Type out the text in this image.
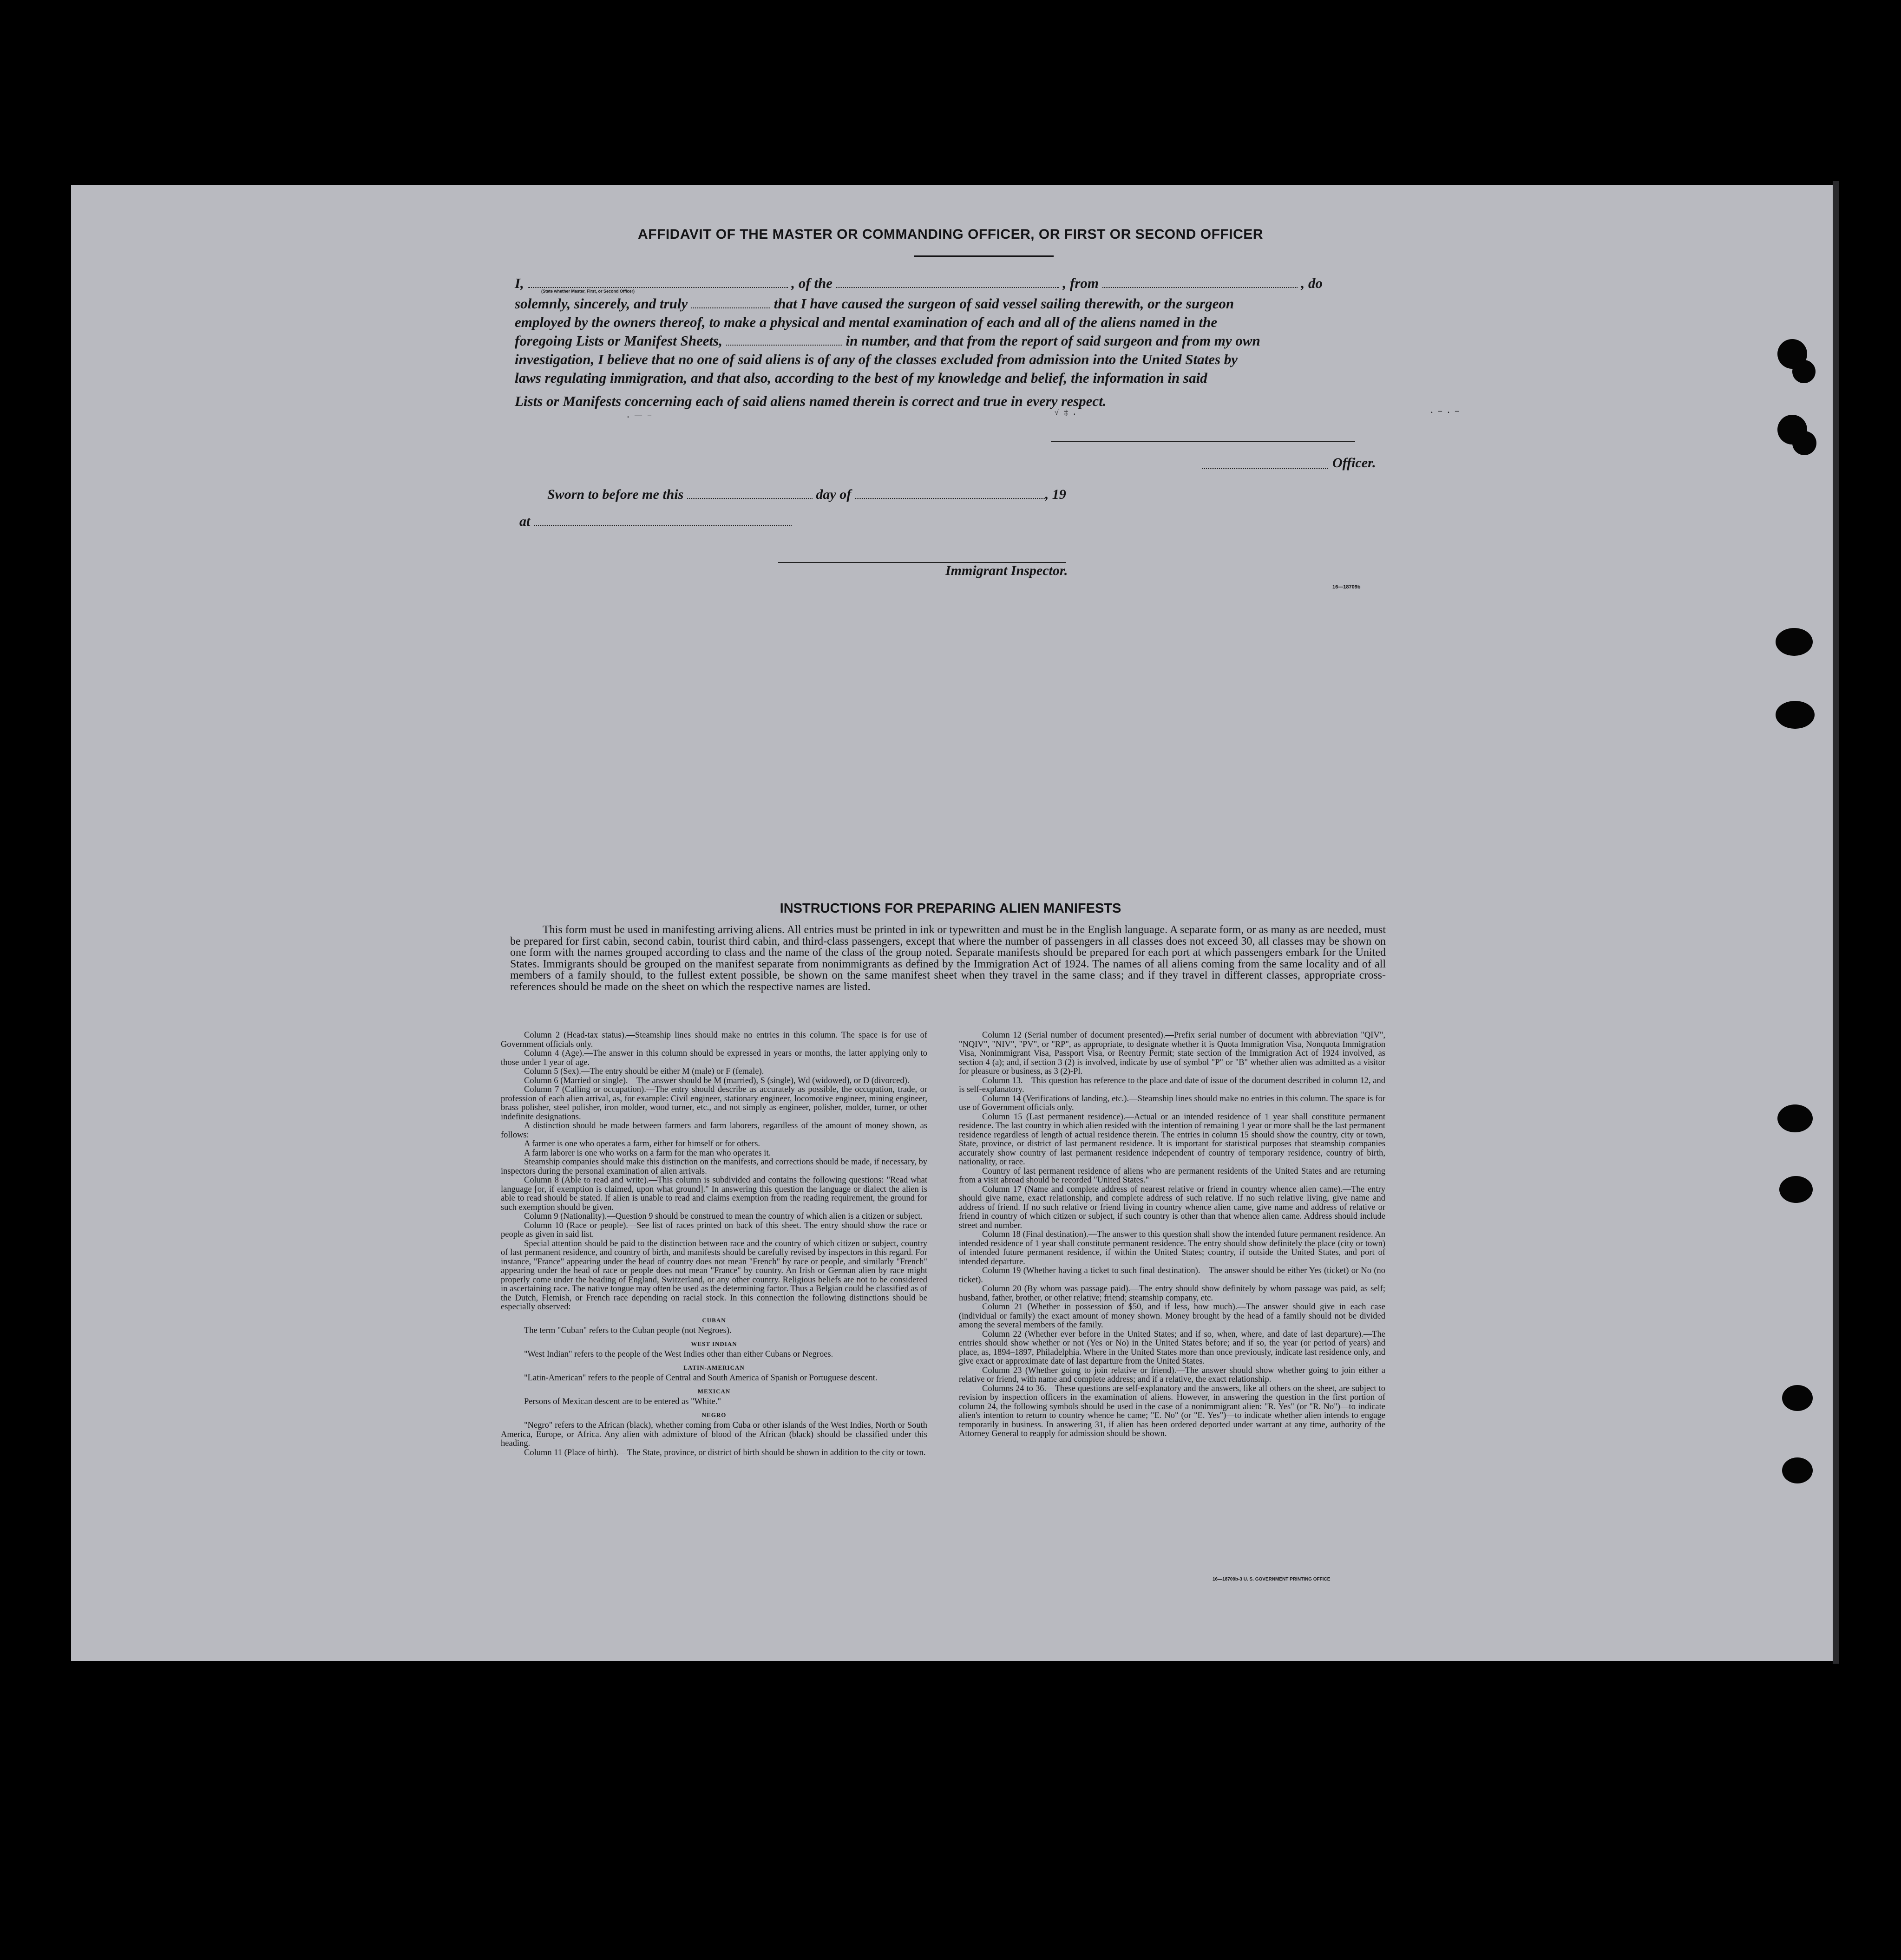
AFFIDAVIT OF THE MASTER OR COMMANDING OFFICER, OR FIRST OR SECOND OFFICER
I,	, of the	, from	, do
(State whether Master, First, or Second Officer)
solemnly, sincerely, and truly	that I have caused the surgeon of said vessel sailing therewith, or the surgeon
employed by the owners thereof, to make a physical and mental examination of each and all of the aliens named in the
foregoing Lists or Manifest Sheets,	in number, and that from the report of said surgeon and from my own
investigation, I believe that no one of said aliens is of any of the classes excluded from admission into the United States by
laws regulating immigration, and that also, according to the best of my knowledge and belief, the information in said
Lists or Manifests concerning each of said aliens named therein is correct and true in every respect.
. — ‒	√ ‡ .	. ‒ . ‒
Officer.
Sworn to before me this	day of	, 19
at
Immigrant Inspector.
16—18709b
INSTRUCTIONS FOR PREPARING ALIEN MANIFESTS
This form must be used in manifesting arriving aliens. All entries must be printed in ink or typewritten and must be in the English language. A separate form, or as many as are needed, must be prepared for first cabin, second cabin, tourist third cabin, and third-class passengers, except that where the number of passengers in all classes does not exceed 30, all classes may be shown on one form with the names grouped according to class and the name of the class of the group noted. Separate manifests should be prepared for each port at which passengers embark for the United States. Immigrants should be grouped on the manifest separate from nonimmigrants as defined by the Immigration Act of 1924. The names of all aliens coming from the same locality and of all members of a family should, to the fullest extent possible, be shown on the same manifest sheet when they travel in the same class; and if they travel in different classes, appropriate cross-references should be made on the sheet on which the respective names are listed.

Column 2 (Head-tax status).—Steamship lines should make no entries in this column. The space is for use of Government officials only.

Column 4 (Age).—The answer in this column should be expressed in years or months, the latter applying only to those under 1 year of age.

Column 5 (Sex).—The entry should be either M (male) or F (female).

Column 6 (Married or single).—The answer should be M (married), S (single), Wd (widowed), or D (divorced).

Column 7 (Calling or occupation).—The entry should describe as accurately as possible, the occupation, trade, or profession of each alien arrival, as, for example: Civil engineer, stationary engineer, locomotive engineer, mining engineer, brass polisher, steel polisher, iron molder, wood turner, etc., and not simply as engineer, polisher, molder, turner, or other indefinite designations.

A distinction should be made between farmers and farm laborers, regardless of the amount of money shown, as follows:

A farmer is one who operates a farm, either for himself or for others.

A farm laborer is one who works on a farm for the man who operates it.

Steamship companies should make this distinction on the manifests, and corrections should be made, if necessary, by inspectors during the personal examination of alien arrivals.

Column 8 (Able to read and write).—This column is subdivided and contains the following questions: "Read what language [or, if exemption is claimed, upon what ground]." In answering this question the language or dialect the alien is able to read should be stated. If alien is unable to read and claims exemption from the reading requirement, the ground for such exemption should be given.

Column 9 (Nationality).—Question 9 should be construed to mean the country of which alien is a citizen or subject.

Column 10 (Race or people).—See list of races printed on back of this sheet. The entry should show the race or people as given in said list.

Special attention should be paid to the distinction between race and the country of which citizen or subject, country of last permanent residence, and country of birth, and manifests should be carefully revised by inspectors in this regard. For instance, "France" appearing under the head of country does not mean "French" by race or people, and similarly "French" appearing under the head of race or people does not mean "France" by country. An Irish or German alien by race might properly come under the heading of England, Switzerland, or any other country. Religious beliefs are not to be considered in ascertaining race. The native tongue may often be used as the determining factor. Thus a Belgian could be classified as of the Dutch, Flemish, or French race depending on racial stock. In this connection the following distinctions should be especially observed:

CUBAN

The term "Cuban" refers to the Cuban people (not Negroes).

WEST INDIAN

"West Indian" refers to the people of the West Indies other than either Cubans or Negroes.

LATIN-AMERICAN

"Latin-American" refers to the people of Central and South America of Spanish or Portuguese descent.

MEXICAN

Persons of Mexican descent are to be entered as "White."

NEGRO

"Negro" refers to the African (black), whether coming from Cuba or other islands of the West Indies, North or South America, Europe, or Africa. Any alien with admixture of blood of the African (black) should be classified under this heading.

Column 11 (Place of birth).—The State, province, or district of birth should be shown in addition to the city or town.

Column 12 (Serial number of document presented).—Prefix serial number of document with abbreviation "QIV", "NQIV", "NIV", "PV", or "RP", as appropriate, to designate whether it is Quota Immigration Visa, Nonquota Immigration Visa, Nonimmigrant Visa, Passport Visa, or Reentry Permit; state section of the Immigration Act of 1924 involved, as section 4 (a); and, if section 3 (2) is involved, indicate by use of symbol "P" or "B" whether alien was admitted as a visitor for pleasure or business, as 3 (2)-Pl.

Column 13.—This question has reference to the place and date of issue of the document described in column 12, and is self-explanatory.

Column 14 (Verifications of landing, etc.).—Steamship lines should make no entries in this column. The space is for use of Government officials only.

Column 15 (Last permanent residence).—Actual or an intended residence of 1 year shall constitute permanent residence. The last country in which alien resided with the intention of remaining 1 year or more shall be the last permanent residence regardless of length of actual residence therein. The entries in column 15 should show the country, city or town, State, province, or district of last permanent residence. It is important for statistical purposes that steamship companies accurately show country of last permanent residence independent of country of temporary residence, country of birth, nationality, or race.

Country of last permanent residence of aliens who are permanent residents of the United States and are returning from a visit abroad should be recorded "United States."

Column 17 (Name and complete address of nearest relative or friend in country whence alien came).—The entry should give name, exact relationship, and complete address of such relative. If no such relative living, give name and address of friend. If no such relative or friend living in country whence alien came, give name and address of relative or friend in country of which citizen or subject, if such country is other than that whence alien came. Address should include street and number.

Column 18 (Final destination).—The answer to this question shall show the intended future permanent residence. An intended residence of 1 year shall constitute permanent residence. The entry should show definitely the place (city or town) of intended future permanent residence, if within the United States; country, if outside the United States, and port of intended departure.

Column 19 (Whether having a ticket to such final destination).—The answer should be either Yes (ticket) or No (no ticket).

Column 20 (By whom was passage paid).—The entry should show definitely by whom passage was paid, as self; husband, father, brother, or other relative; friend; steamship company, etc.

Column 21 (Whether in possession of $50, and if less, how much).—The answer should give in each case (individual or family) the exact amount of money shown. Money brought by the head of a family should not be divided among the several members of the family.

Column 22 (Whether ever before in the United States; and if so, when, where, and date of last departure).—The entries should show whether or not (Yes or No) in the United States before; and if so, the year (or period of years) and place, as, 1894–1897, Philadelphia. Where in the United States more than once previously, indicate last residence only, and give exact or approximate date of last departure from the United States.

Column 23 (Whether going to join relative or friend).—The answer should show whether going to join either a relative or friend, with name and complete address; and if a relative, the exact relationship.

Columns 24 to 36.—These questions are self-explanatory and the answers, like all others on the sheet, are subject to revision by inspection officers in the examination of aliens. However, in answering the question in the first portion of column 24, the following symbols should be used in the case of a nonimmigrant alien: "R. Yes" (or "R. No")—to indicate alien's intention to return to country whence he came; "E. No" (or "E. Yes")—to indicate whether alien intends to engage temporarily in business. In answering 31, if alien has been ordered deported under warrant at any time, authority of the Attorney General to reapply for admission should be shown.

16—18709b-3 U. S. GOVERNMENT PRINTING OFFICE
